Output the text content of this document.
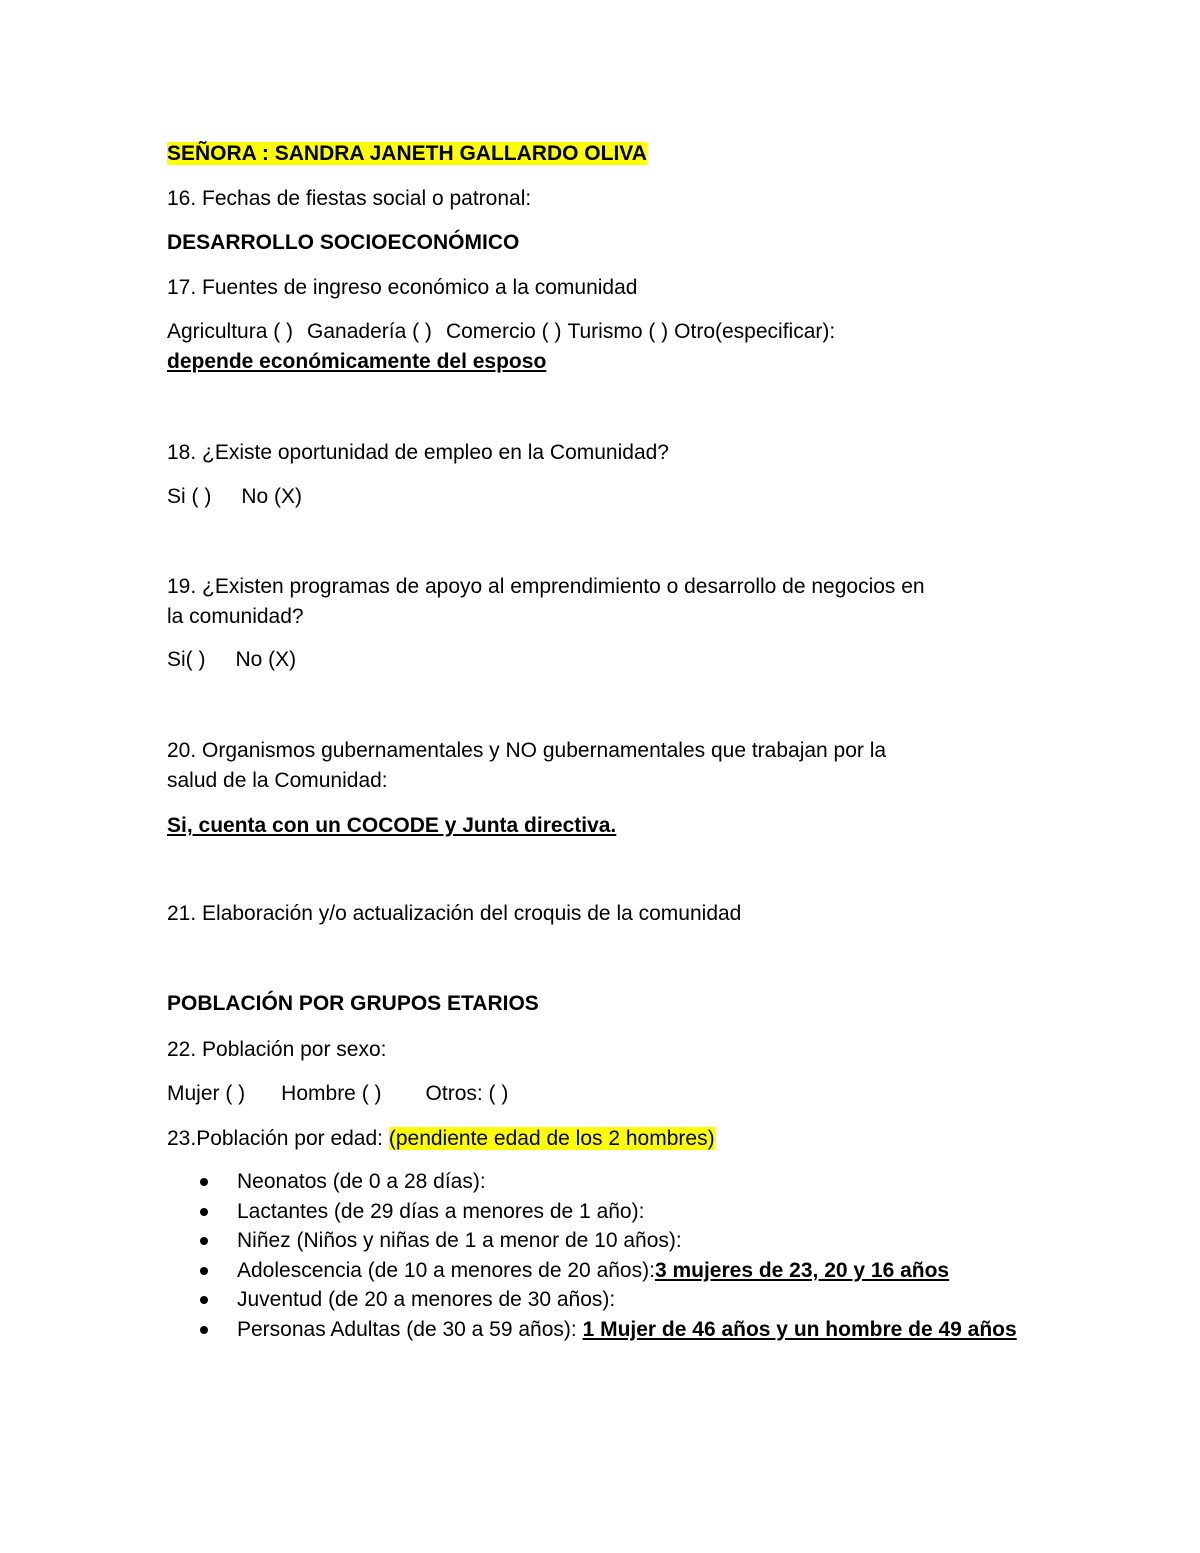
SEÑORA : SANDRA JANETH GALLARDO OLIVA
16. Fechas de fiestas social o patronal:
DESARROLLO SOCIOECONÓMICO
17. Fuentes de ingreso económico a la comunidad
Agricultura ( ) Ganadería ( ) Comercio ( ) Turismo ( ) Otro(especificar):
depende económicamente del esposo
18. ¿Existe oportunidad de empleo en la Comunidad?
Si ( ) No (X)
19. ¿Existen programas de apoyo al emprendimiento o desarrollo de negocios en
la comunidad?
Si( ) No (X)
20. Organismos gubernamentales y NO gubernamentales que trabajan por la
salud de la Comunidad:
Si, cuenta con un COCODE y Junta directiva.
21. Elaboración y/o actualización del croquis de la comunidad
POBLACIÓN POR GRUPOS ETARIOS
22. Población por sexo:
Mujer ( ) Hombre ( ) Otros: ( )
23.Población por edad: (pendiente edad de los 2 hombres)
Neonatos (de 0 a 28 días):
Lactantes (de 29 días a menores de 1 año):
Niñez (Niños y niñas de 1 a menor de 10 años):
Adolescencia (de 10 a menores de 20 años):3 mujeres de 23, 20 y 16 años
Juventud (de 20 a menores de 30 años):
Personas Adultas (de 30 a 59 años): 1 Mujer de 46 años y un hombre de 49 años
